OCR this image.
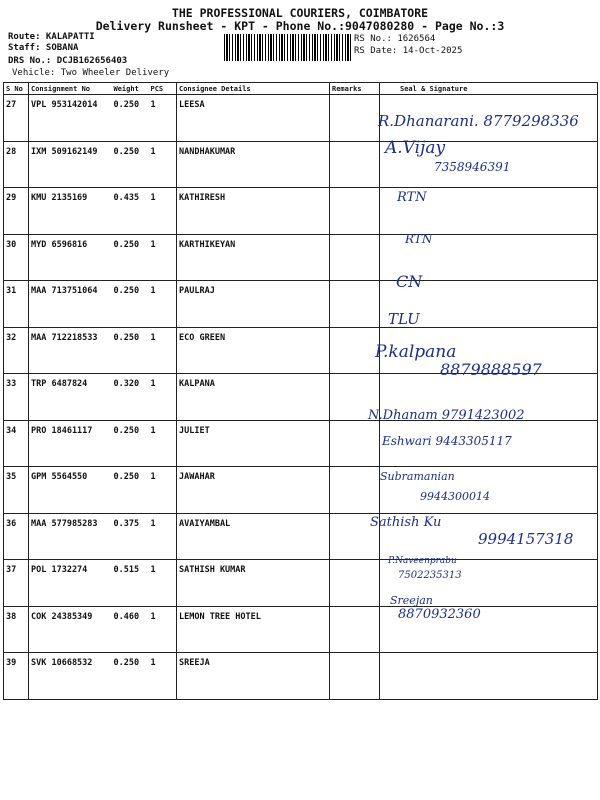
THE PROFESSIONAL COURIERS, COIMBATORE
Delivery Runsheet - KPT - Phone No.:9047080280 - Page No.:3
Route: KALAPATTI
Staff: SOBANA
DRS No.: DCJB162656403
Vehicle: Two Wheeler Delivery
RS No.: 1626564
RS Date: 14-Oct-2025
S No	Consignment No	Weight	PCS	Consignee Details	Remarks	Seal & Signature
27	VPL 953142014	0.250	1	LEESA		
28	IXM 509162149	0.250	1	NANDHAKUMAR		
29	KMU 2135169	0.435	1	KATHIRESH		
30	MYD 6596816	0.250	1	KARTHIKEYAN		
31	MAA 713751064	0.250	1	PAULRAJ		
32	MAA 712218533	0.250	1	ECO GREEN		
33	TRP 6487824	0.320	1	KALPANA		
34	PRO 18461117	0.250	1	JULIET		
35	GPM 5564550	0.250	1	JAWAHAR		
36	MAA 577985283	0.375	1	AVAIYAMBAL		
37	POL 1732274	0.515	1	SATHISH KUMAR		
38	COK 24385349	0.460	1	LEMON TREE HOTEL		
39	SVK 10668532	0.250	1	SREEJA		
R.Dhanarani. 8779298336
A.Vijay
7358946391
RTN
RTN
CN
TLU
P.kalpana
8879888597
N.Dhanam 9791423002
Eshwari 9443305117
Subramanian
9944300014
Sathish Ku
9994157318
P.Naveenprabu
7502235313
Sreejan
8870932360
